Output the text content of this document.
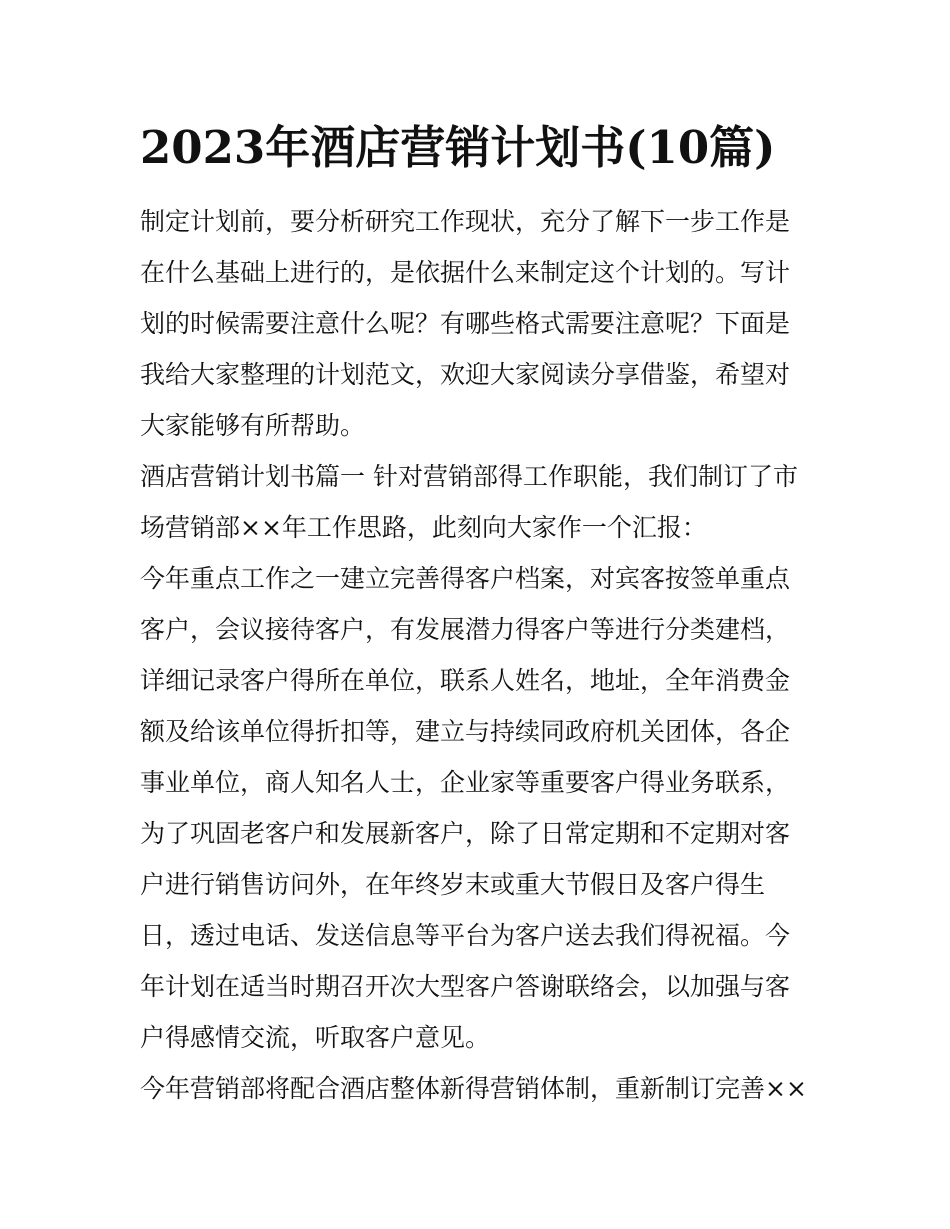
2023年酒店营销计划书(10篇)

制定计划前，要分析研究工作现状，充分了解下一步工作是在什么基础上进行的，是依据什么来制定这个计划的。写计划的时候需要注意什么呢？有哪些格式需要注意呢？下面是我给大家整理的计划范文，欢迎大家阅读分享借鉴，希望对大家能够有所帮助。

酒店营销计划书篇一 针对营销部得工作职能，我们制订了市场营销部××年工作思路，此刻向大家作一个汇报：

今年重点工作之一建立完善得客户档案，对宾客按签单重点客户，会议接待客户，有发展潜力得客户等进行分类建档，详细记录客户得所在单位，联系人姓名，地址，全年消费金额及给该单位得折扣等，建立与持续同政府机关团体，各企事业单位，商人知名人士，企业家等重要客户得业务联系，为了巩固老客户和发展新客户，除了日常定期和不定期对客户进行销售访问外，在年终岁末或重大节假日及客户得生日，透过电话、发送信息等平台为客户送去我们得祝福。今年计划在适当时期召开次大型客户答谢联络会，以加强与客户得感情交流，听取客户意见。

今年营销部将配合酒店整体新得营销体制，重新制订完善××
